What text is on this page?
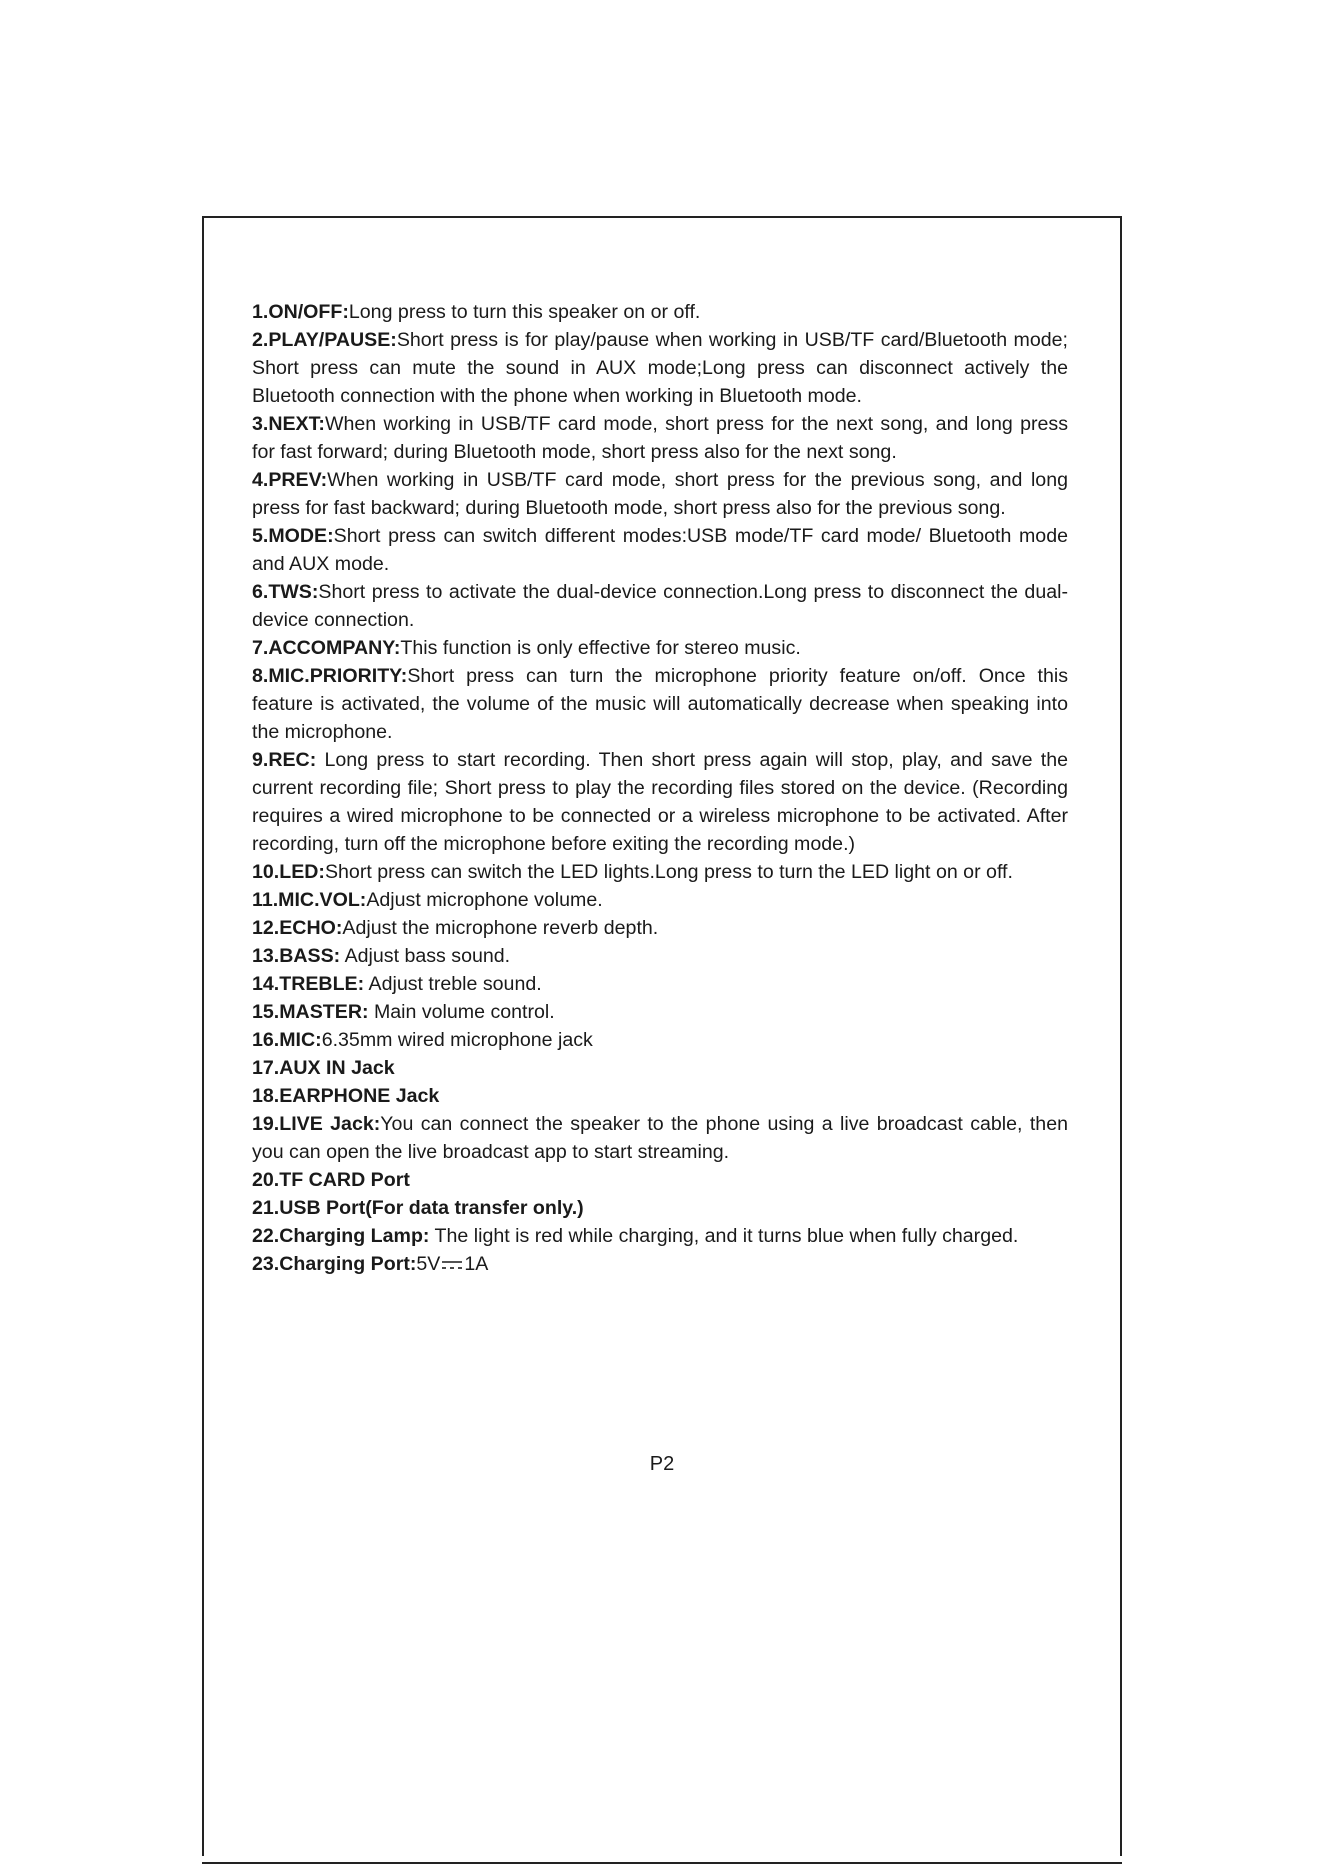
1.ON/OFF:Long press to turn this speaker on or off.

2.PLAY/PAUSE:Short press is for play/pause when working in USB/TF card/Bluetooth mode; Short press can mute the sound in AUX mode;Long press can disconnect actively the Bluetooth connection with the phone when working in Bluetooth mode.

3.NEXT:When working in USB/TF card mode, short press for the next song, and long press for fast forward; during Bluetooth mode, short press also for the next song.

4.PREV:When working in USB/TF card mode, short press for the previous song, and long press for fast backward; during Bluetooth mode, short press also for the previous song.

5.MODE:Short press can switch different modes:USB mode/TF card mode/ Bluetooth mode and AUX mode.

6.TWS:Short press to activate the dual-device connection.Long press to disconnect the dual-device connection.

7.ACCOMPANY:This function is only effective for stereo music.

8.MIC.PRIORITY:Short press can turn the microphone priority feature on/off. Once this feature is activated, the volume of the music will automatically decrease when speaking into the microphone.

9.REC: Long press to start recording. Then short press again will stop, play, and save the current recording file; Short press to play the recording files stored on the device. (Recording requires a wired microphone to be connected or a wireless microphone to be activated. After recording, turn off the microphone before exiting the recording mode.)

10.LED:Short press can switch the LED lights.Long press to turn the LED light on or off.

11.MIC.VOL:Adjust microphone volume.

12.ECHO:Adjust the microphone reverb depth.

13.BASS: Adjust bass sound.

14.TREBLE: Adjust treble sound.

15.MASTER: Main volume control.

16.MIC:6.35mm wired microphone jack

17.AUX IN Jack

18.EARPHONE Jack

19.LIVE Jack:You can connect the speaker to the phone using a live broadcast cable, then you can open the live broadcast app to start streaming.

20.TF CARD Port

21.USB Port(For data transfer only.)

22.Charging Lamp: The light is red while charging, and it turns blue when fully charged.

23.Charging Port:5V 1A

P2
